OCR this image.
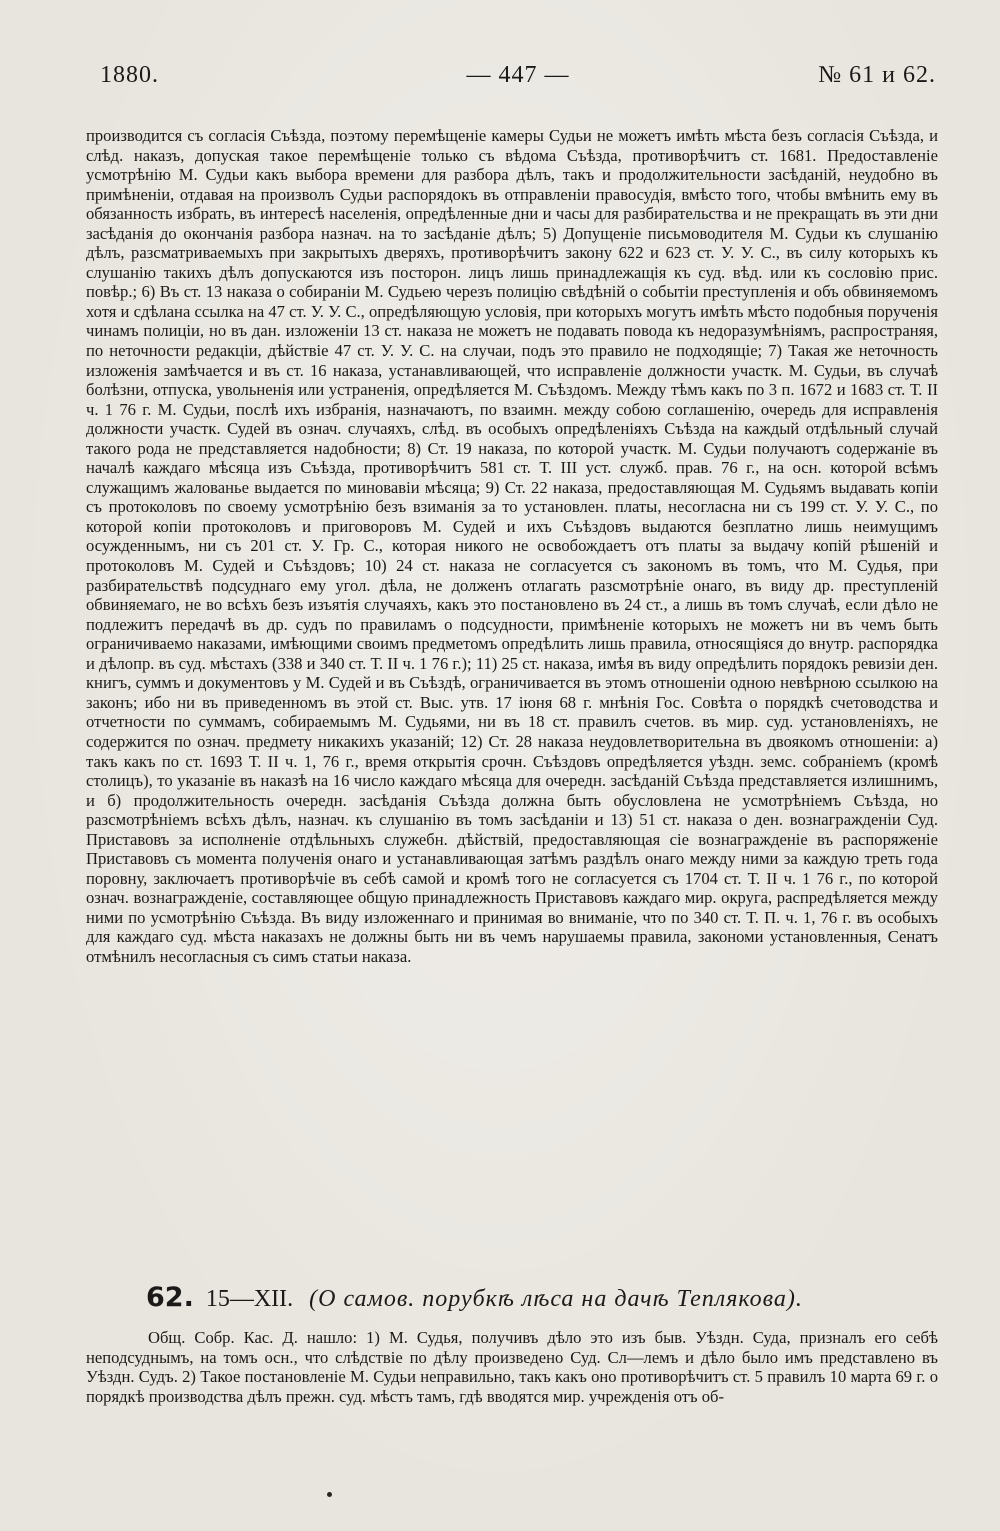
1880.	— 447 —	№ 61 и 62.

производится съ согласія Съѣзда, поэтому перемѣщеніе камеры Судьи не можетъ имѣть мѣста безъ согласія Съѣзда, и слѣд. наказъ, допуская такое перемѣщеніе только съ вѣдома Съѣзда, противорѣчитъ ст. 1681. Предоставленіе усмотрѣнію М. Судьи какъ выбора времени для разбора дѣлъ, такъ и продолжительности засѣданій, неудобно въ примѣненіи, отдавая на произволъ Судьи распорядокъ въ отправленіи правосудія, вмѣсто того, чтобы вмѣнить ему въ обязанность избрать, въ интересѣ населенія, опредѣленные дни и часы для разбирательства и не прекращать въ эти дни засѣданія до окончанія разбора назнач. на то засѣданіе дѣлъ; 5) Допущеніе письмоводителя М. Судьи къ слушанію дѣлъ, разсматриваемыхъ при закрытыхъ дверяхъ, противорѣчитъ закону 622 и 623 ст. У. У. С., въ силу которыхъ къ слушанію такихъ дѣлъ допускаются изъ посторон. лицъ лишь принадлежащія къ суд. вѣд. или къ сословію прис. повѣр.; 6) Въ ст. 13 наказа о собираніи М. Судьею черезъ полицію свѣдѣній о событіи преступленія и объ обвиняемомъ хотя и сдѣлана ссылка на 47 ст. У. У. С., опредѣляющую условія, при которыхъ могутъ имѣть мѣсто подобныя порученія чинамъ полиціи, но въ дан. изложеніи 13 ст. наказа не можетъ не подавать повода къ недоразумѣніямъ, распространяя, по неточности редакціи, дѣйствіе 47 ст. У. У. С. на случаи, подъ это правило не подходящіе; 7) Такая же неточность изложенія замѣчается и въ ст. 16 наказа, устанавливающей, что исправленіе должности участк. М. Судьи, въ случаѣ болѣзни, отпуска, увольненія или устраненія, опредѣляется М. Съѣздомъ. Между тѣмъ какъ по 3 п. 1672 и 1683 ст. Т. II ч. 1 76 г. М. Судьи, послѣ ихъ избранія, назначаютъ, по взаимн. между собою соглашенію, очередь для исправленія должности участк. Судей въ означ. случаяхъ, слѣд. въ особыхъ опредѣленіяхъ Съѣзда на каждый отдѣльный случай такого рода не представляется надобности; 8) Ст. 19 наказа, по которой участк. М. Судьи получаютъ содержаніе въ началѣ каждаго мѣсяца изъ Съѣзда, противорѣчитъ 581 ст. Т. III уст. служб. прав. 76 г., на осн. которой всѣмъ служащимъ жалованье выдается по миновавіи мѣсяца; 9) Ст. 22 наказа, предоставляющая М. Судьямъ выдавать копіи съ протоколовъ по своему усмотрѣнію безъ взиманія за то установлен. платы, несогласна ни съ 199 ст. У. У. С., по которой копіи протоколовъ и приговоровъ М. Судей и ихъ Съѣздовъ выдаются безплатно лишь неимущимъ осужденнымъ, ни съ 201 ст. У. Гр. С., которая никого не освобождаетъ отъ платы за выдачу копій рѣшеній и протоколовъ М. Судей и Съѣздовъ; 10) 24 ст. наказа не согласуется съ закономъ въ томъ, что М. Судья, при разбирательствѣ подсуднаго ему угол. дѣла, не долженъ отлагать разсмотрѣніе онаго, въ виду др. преступленій обвиняемаго, не во всѣхъ безъ изъятія случаяхъ, какъ это постановлено въ 24 ст., а лишь въ томъ случаѣ, если дѣло не подлежитъ передачѣ въ др. судъ по правиламъ о подсудности, примѣненіе которыхъ не можетъ ни въ чемъ быть ограничиваемо наказами, имѣющими своимъ предметомъ опредѣлить лишь правила, относящіяся до внутр. распорядка и дѣлопр. въ суд. мѣстахъ (338 и 340 ст. Т. II ч. 1 76 г.); 11) 25 ст. наказа, имѣя въ виду опредѣлить порядокъ ревизіи ден. книгъ, суммъ и документовъ у М. Судей и въ Съѣздѣ, ограничивается въ этомъ отношеніи одною невѣрною ссылкою на законъ; ибо ни въ приведенномъ въ этой ст. Выс. утв. 17 іюня 68 г. мнѣнія Гос. Совѣта о порядкѣ счетоводства и отчетности по суммамъ, собираемымъ М. Судьями, ни въ 18 ст. правилъ счетов. въ мир. суд. установленіяхъ, не содержится по означ. предмету никакихъ указаній; 12) Ст. 28 наказа неудовлетворительна въ двоякомъ отношеніи: а) такъ какъ по ст. 1693 Т. II ч. 1, 76 г., время открытія срочн. Съѣздовъ опредѣляется уѣздн. земс. собраніемъ (кромѣ столицъ), то указаніе въ наказѣ на 16 число каждаго мѣсяца для очередн. засѣданій Съѣзда представляется излишнимъ, и б) продолжительность очередн. засѣданія Съѣзда должна быть обусловлена не усмотрѣніемъ Съѣзда, но разсмотрѣніемъ всѣхъ дѣлъ, назнач. къ слушанію въ томъ засѣданіи и 13) 51 ст. наказа о ден. вознагражденіи Суд. Приставовъ за исполненіе отдѣльныхъ служебн. дѣйствій, предоставляющая сіе вознагражденіе въ распоряженіе Приставовъ съ момента полученія онаго и устанавливающая затѣмъ раздѣлъ онаго между ними за каждую треть года поровну, заключаетъ противорѣчіе въ себѣ самой и кромѣ того не согласуется съ 1704 ст. Т. II ч. 1 76 г., по которой означ. вознагражденіе, составляющее общую принадлежность Приставовъ каждаго мир. округа, распредѣляется между ними по усмотрѣнію Съѣзда. Въ виду изложеннаго и принимая во вниманіе, что по 340 ст. Т. П. ч. 1, 76 г. въ особыхъ для каждаго суд. мѣста наказахъ не должны быть ни въ чемъ нарушаемы правила, закономи установленныя, Сенатъ отмѣнилъ несогласныя съ симъ статьи наказа.

62. 15—XII. (О самов. порубкѣ лѣса на дачѣ Теплякова).

Общ. Собр. Кас. Д. нашло: 1) М. Судья, получивъ дѣло это изъ быв. Уѣздн. Суда, призналъ его себѣ неподсуднымъ, на томъ осн., что слѣдствіе по дѣлу произведено Суд. Сл—лемъ и дѣло было имъ представлено въ Уѣздн. Судъ. 2) Такое постановленіе М. Судьи неправильно, такъ какъ оно противорѣчитъ ст. 5 правилъ 10 марта 69 г. о порядкѣ производства дѣлъ прежн. суд. мѣстъ тамъ, гдѣ вводятся мир. учрежденія отъ об-
